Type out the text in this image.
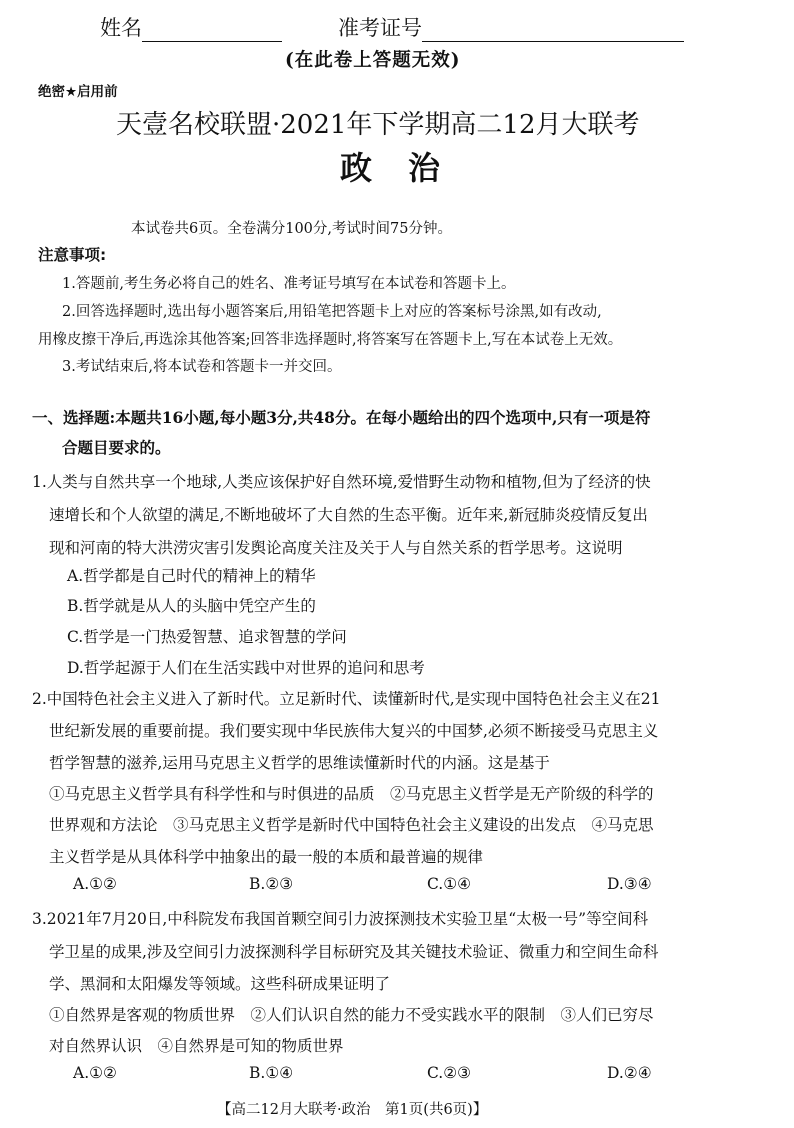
姓名	准考证号
(在此卷上答题无效)
绝密★启用前
天壹名校联盟·2021年下学期高二12月大联考
政　治
本试卷共6页。全卷满分100分,考试时间75分钟。
注意事项:
1.答题前,考生务必将自己的姓名、准考证号填写在本试卷和答题卡上。
2.回答选择题时,选出每小题答案后,用铅笔把答题卡上对应的答案标号涂黑,如有改动,
用橡皮擦干净后,再选涂其他答案;回答非选择题时,将答案写在答题卡上,写在本试卷上无效。
3.考试结束后,将本试卷和答题卡一并交回。
一、选择题:本题共16小题,每小题3分,共48分。在每小题给出的四个选项中,只有一项是符
合题目要求的。
1.人类与自然共享一个地球,人类应该保护好自然环境,爱惜野生动物和植物,但为了经济的快
速增长和个人欲望的满足,不断地破坏了大自然的生态平衡。近年来,新冠肺炎疫情反复出
现和河南的特大洪涝灾害引发舆论高度关注及关于人与自然关系的哲学思考。这说明
A.哲学都是自己时代的精神上的精华
B.哲学就是从人的头脑中凭空产生的
C.哲学是一门热爱智慧、追求智慧的学问
D.哲学起源于人们在生活实践中对世界的追问和思考
2.中国特色社会主义进入了新时代。立足新时代、读懂新时代,是实现中国特色社会主义在21
世纪新发展的重要前提。我们要实现中华民族伟大复兴的中国梦,必须不断接受马克思主义
哲学智慧的滋养,运用马克思主义哲学的思维读懂新时代的内涵。这是基于
①马克思主义哲学具有科学性和与时俱进的品质　②马克思主义哲学是无产阶级的科学的
世界观和方法论　③马克思主义哲学是新时代中国特色社会主义建设的出发点　④马克思
主义哲学是从具体科学中抽象出的最一般的本质和最普遍的规律
A.①②	B.②③	C.①④	D.③④
3.2021年7月20日,中科院发布我国首颗空间引力波探测技术实验卫星“太极一号”等空间科
学卫星的成果,涉及空间引力波探测科学目标研究及其关键技术验证、微重力和空间生命科
学、黑洞和太阳爆发等领域。这些科研成果证明了
①自然界是客观的物质世界　②人们认识自然的能力不受实践水平的限制　③人们已穷尽
对自然界认识　④自然界是可知的物质世界
A.①②	B.①④	C.②③	D.②④
【高二12月大联考·政治　第1页(共6页)】
